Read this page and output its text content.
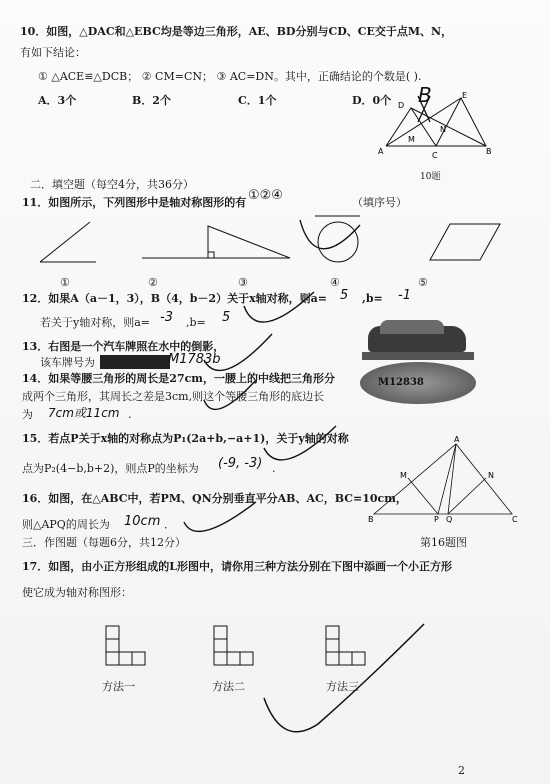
10．如图，△DAC和△EBC均是等边三角形，AE、BD分别与CD、CE交于点M、N，
有如下结论：
① △ACE≌△DCB； ② CM=CN； ③ AC=DN。其中，正确结论的个数是( ).
A．3个	B．2个	C．1个	D．0个 B
D
E
M
N
A	C	B
10题
二．填空题（每空4分，共36分）
11．如图所示，下列图形中是轴对称图形的有 ①②④	（填序号）
①	②	③	④	⑤
12．如果A（a－1，3），B（4，b－2）关于x轴对称，则a= 5 ,b= -1
若关于y轴对称，则a= -3 ,b= 5
13．右图是一个汽车牌照在水中的倒影，
该车牌号为	M1783b
M12838
14．如果等腰三角形的周长是27cm，一腰上的中线把三角形分
成两个三角形，其周长之差是3cm,则这个等腰三角形的底边长
为 7cm或11cm .
15．若点P关于x轴的对称点为P₁(2a+b,−a+1)，关于y轴的对称
点为P₂(4−b,b+2)，则点P的坐标为 (-9, -3) .
16．如图，在△ABC中，若PM、QN分别垂直平分AB、AC，BC=10cm，
则△APQ的周长为 10cm ．
A
M	N
B	P Q	C
第16题图
三．作图题（每题6分，共12分）
17．如图，由小正方形组成的L形图中，请你用三种方法分别在下图中添画一个小正方形
使它成为轴对称图形：
方法一	方法二	方法三
2
